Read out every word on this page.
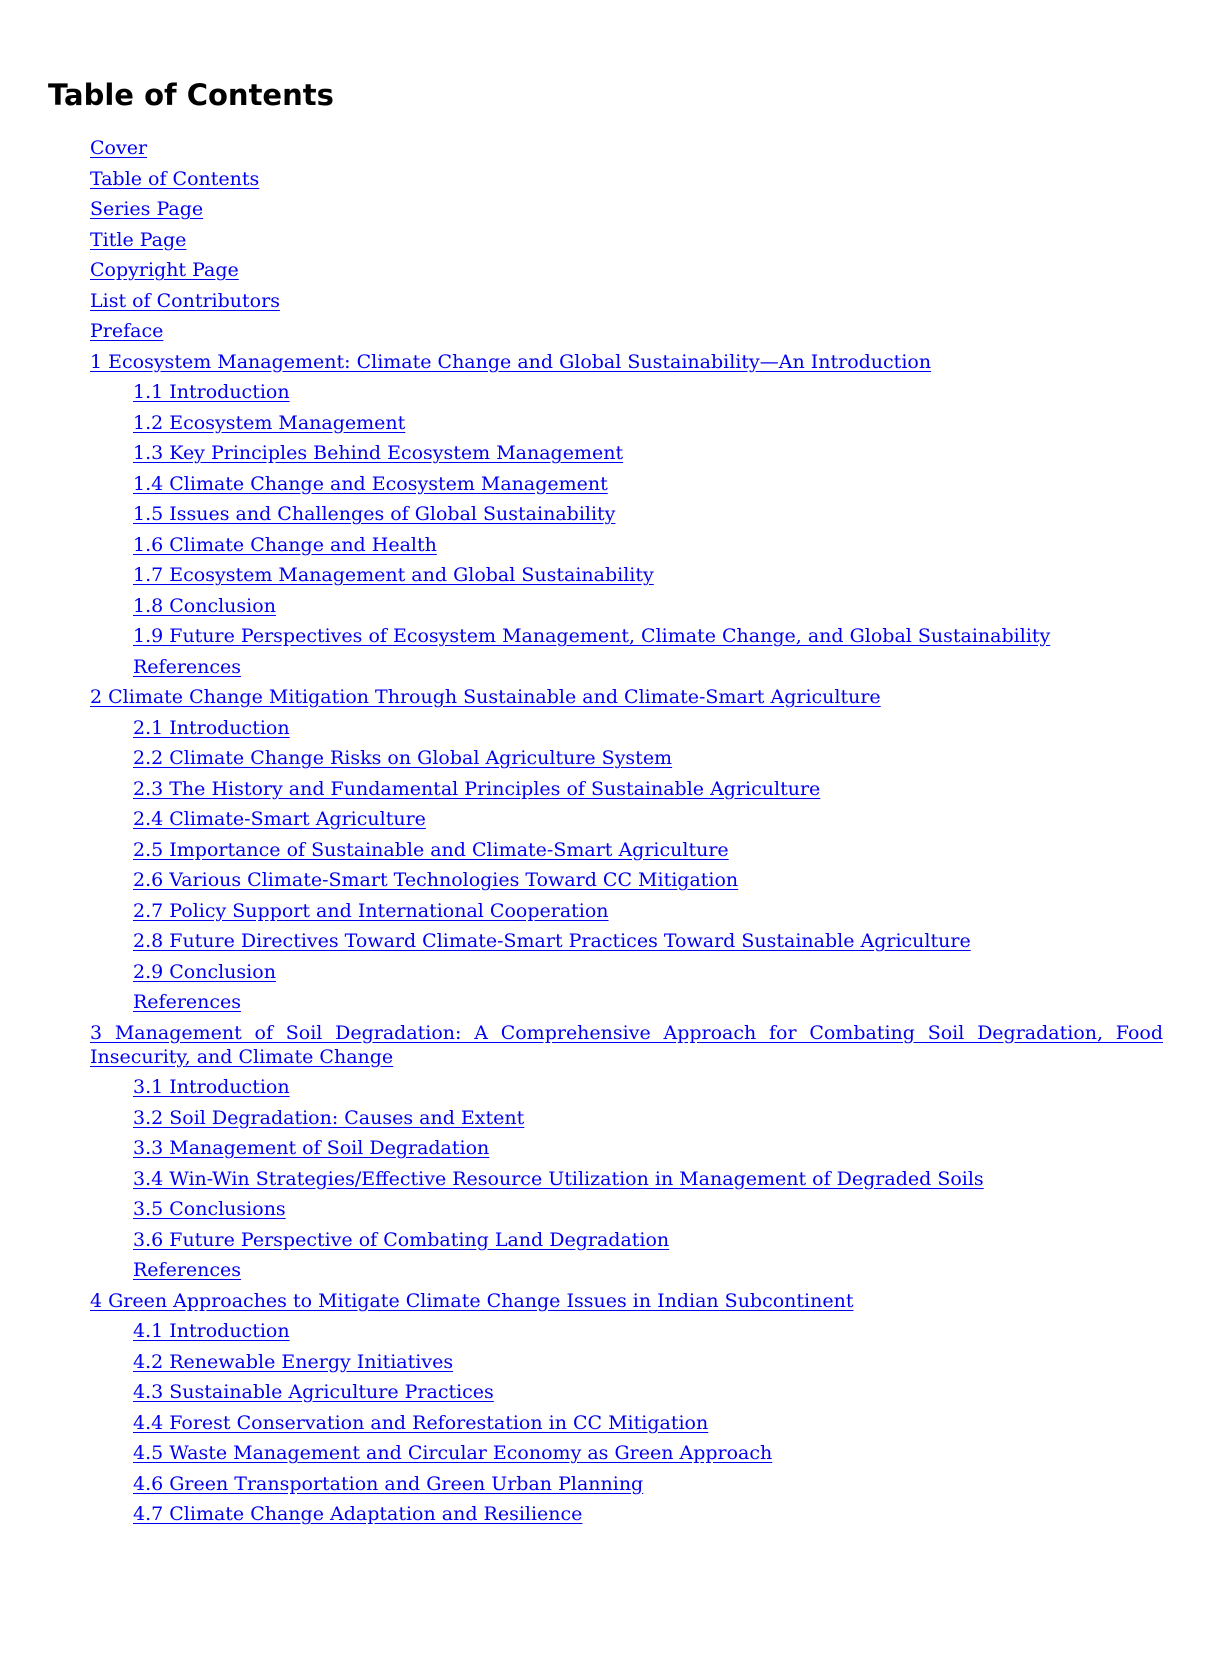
Table of Contents
Cover
Table of Contents
Series Page
Title Page
Copyright Page
List of Contributors
Preface
1 Ecosystem Management: Climate Change and Global Sustainability—An Introduction
1.1 Introduction
1.2 Ecosystem Management
1.3 Key Principles Behind Ecosystem Management
1.4 Climate Change and Ecosystem Management
1.5 Issues and Challenges of Global Sustainability
1.6 Climate Change and Health
1.7 Ecosystem Management and Global Sustainability
1.8 Conclusion
1.9 Future Perspectives of Ecosystem Management, Climate Change, and Global Sustainability
References
2 Climate Change Mitigation Through Sustainable and Climate-Smart Agriculture
2.1 Introduction
2.2 Climate Change Risks on Global Agriculture System
2.3 The History and Fundamental Principles of Sustainable Agriculture
2.4 Climate-Smart Agriculture
2.5 Importance of Sustainable and Climate-Smart Agriculture
2.6 Various Climate-Smart Technologies Toward CC Mitigation
2.7 Policy Support and International Cooperation
2.8 Future Directives Toward Climate-Smart Practices Toward Sustainable Agriculture
2.9 Conclusion
References
3 Management of Soil Degradation: A Comprehensive Approach for Combating Soil Degradation, Food Insecurity, and Climate Change
3.1 Introduction
3.2 Soil Degradation: Causes and Extent
3.3 Management of Soil Degradation
3.4 Win-Win Strategies/Effective Resource Utilization in Management of Degraded Soils
3.5 Conclusions
3.6 Future Perspective of Combating Land Degradation
References
4 Green Approaches to Mitigate Climate Change Issues in Indian Subcontinent
4.1 Introduction
4.2 Renewable Energy Initiatives
4.3 Sustainable Agriculture Practices
4.4 Forest Conservation and Reforestation in CC Mitigation
4.5 Waste Management and Circular Economy as Green Approach
4.6 Green Transportation and Green Urban Planning
4.7 Climate Change Adaptation and Resilience
